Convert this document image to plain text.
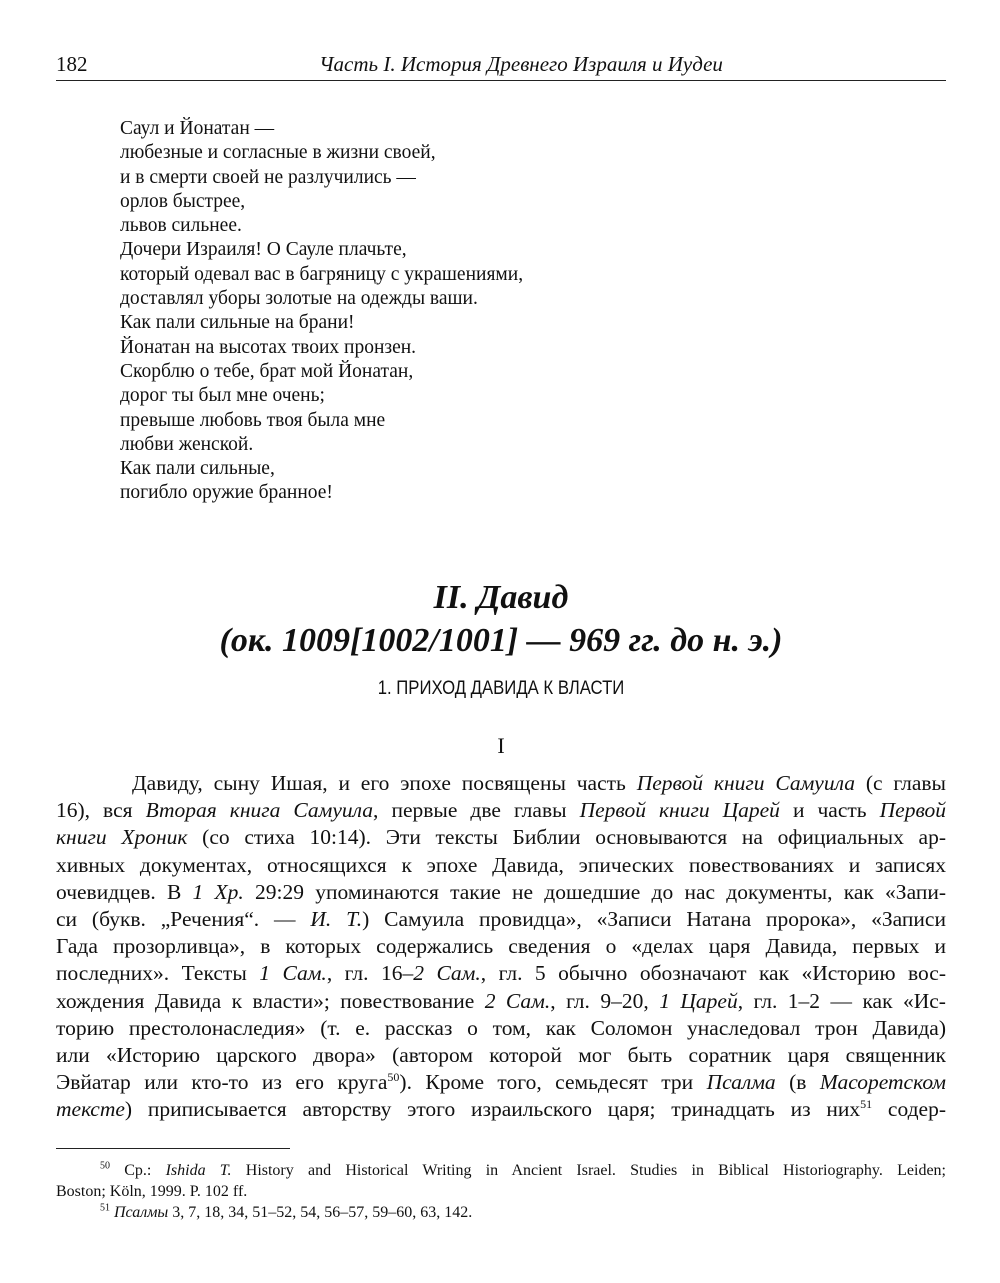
182	Часть I. История Древнего Израиля и Иудеи
Саул и Йонатан —
любезные и согласные в жизни своей,
и в смерти своей не разлучились —
орлов быстрее,
львов сильнее.
Дочери Израиля! О Сауле плачьте,
который одевал вас в багряницу с украшениями,
доставлял уборы золотые на одежды ваши.
Как пали сильные на брани!
Йонатан на высотах твоих пронзен.
Скорблю о тебе, брат мой Йонатан,
дорог ты был мне очень;
превыше любовь твоя была мне
любви женской.
Как пали сильные,
погибло оружие бранное!
II. Давид
(ок. 1009[1002/1001] — 969 гг. до н. э.)
1. ПРИХОД ДАВИДА К ВЛАСТИ
I
Давиду, сыну Ишая, и его эпохе посвящены часть Первой книги Самуила (с главы
16), вся Вторая книга Самуила, первые две главы Первой книги Царей и часть Первой
книги Хроник (со стиха 10:14). Эти тексты Библии основываются на официальных ар-
хивных документах, относящихся к эпохе Давида, эпических повествованиях и записях
очевидцев. В 1 Хр. 29:29 упоминаются такие не дошедшие до нас документы, как «Запи-
си (букв. „Речения“. — И. Т.) Самуила провидца», «Записи Натана пророка», «Записи
Гада прозорливца», в которых содержались сведения о «делах царя Давида, первых и
последних». Тексты 1 Сам., гл. 16–2 Сам., гл. 5 обычно обозначают как «Историю вос-
хождения Давида к власти»; повествование 2 Сам., гл. 9–20, 1 Царей, гл. 1–2 — как «Ис-
торию престолонаследия» (т. е. рассказ о том, как Соломон унаследовал трон Давида)
или «Историю царского двора» (автором которой мог быть соратник царя священник
Эвйатар или кто-то из его круга$^{50}$). Кроме того, семьдесят три Псалма (в Масоретском
тексте) приписывается авторству этого израильского царя; тринадцать из них$^{51}$ содер-
$^{50}$ Ср.: Ishida T. History and Historical Writing in Ancient Israel. Studies in Biblical Historiography. Leiden;
Boston; Köln, 1999. P. 102 ff.
$^{51}$ Псалмы 3, 7, 18, 34, 51–52, 54, 56–57, 59–60, 63, 142.
